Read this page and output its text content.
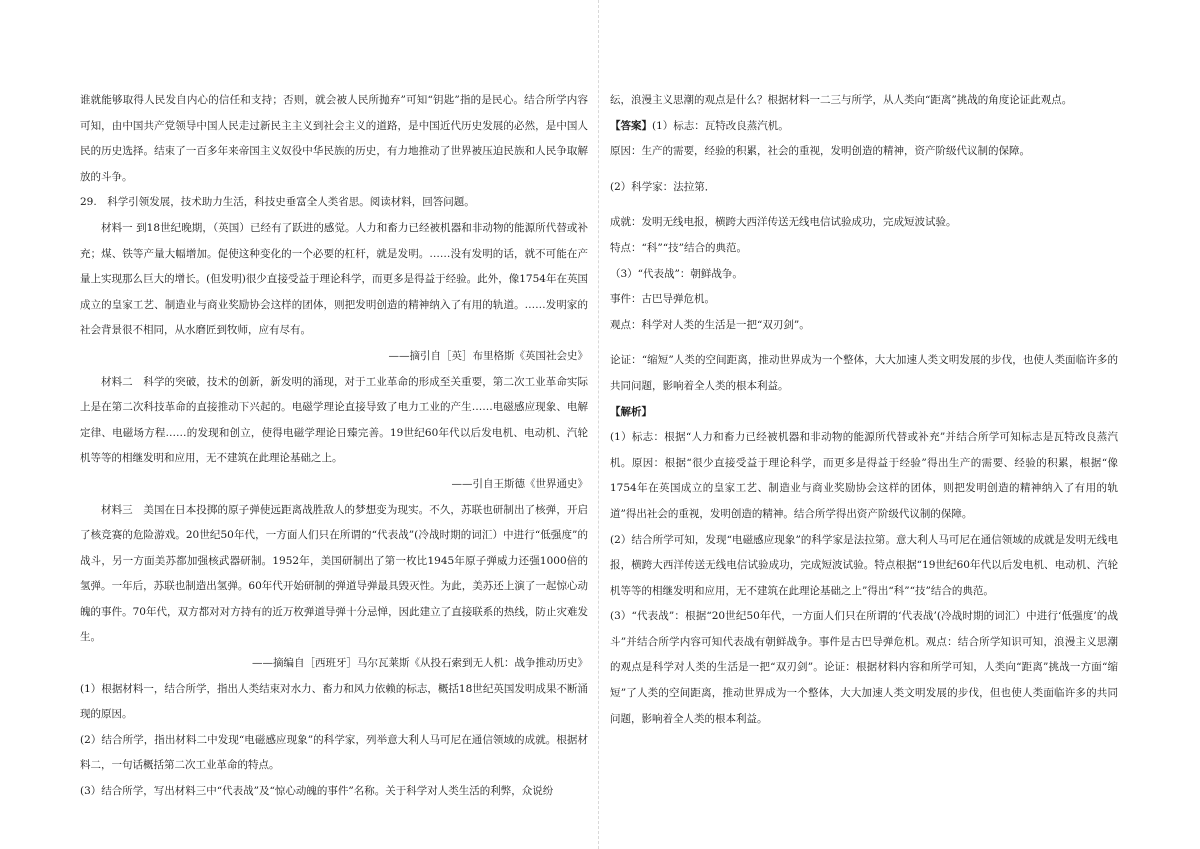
谁就能够取得人民发自内心的信任和支持；否则，就会被人民所抛弃”可知“钥匙”指的是民心。结合所学内容可知，由中国共产党领导中国人民走过新民主主义到社会主义的道路，是中国近代历史发展的必然，是中国人民的历史选择。结束了一百多年来帝国主义奴役中华民族的历史，有力地推动了世界被压迫民族和人民争取解放的斗争。

29.　科学引领发展，技术助力生活，科技史垂富全人类省思。阅读材料，回答问题。

材料一 到18世纪晚期，（英国）已经有了跃进的感觉。人力和畜力已经被机器和非动物的能源所代替或补充；煤、铁等产量大幅增加。促使这种变化的一个必要的杠杆，就是发明。……没有发明的话，就不可能在产量上实现那么巨大的增长。(但发明)很少直接受益于理论科学，而更多是得益于经验。此外，像1754年在英国成立的皇家工艺、制造业与商业奖励协会这样的团体，则把发明创造的精神纳入了有用的轨道。……发明家的社会背景很不相同，从水磨匠到牧师，应有尽有。

——摘引自［英］布里格斯《英国社会史》

材料二　科学的突破，技术的创新，新发明的涌现，对于工业革命的形成至关重要，第二次工业革命实际上是在第二次科技革命的直接推动下兴起的。电磁学理论直接导致了电力工业的产生……电磁感应现象、电解定律、电磁场方程……的发现和创立，使得电磁学理论日臻完善。19世纪60年代以后发电机、电动机、汽轮机等等的相继发明和应用，无不建筑在此理论基础之上。

——引自王斯德《世界通史》

材料三　美国在日本投掷的原子弹使远距离战胜敌人的梦想变为现实。不久，苏联也研制出了核弹，开启了核竞赛的危险游戏。20世纪50年代，一方面人们只在所谓的“代表战”(冷战时期的词汇）中进行“低强度”的战斗，另一方面美苏都加强核武器研制。1952年，美国研制出了第一枚比1945年原子弹威力还强1000倍的氢弹。一年后，苏联也制造出氢弹。60年代开始研制的弹道导弹最具毁灭性。为此，美苏还上演了一起惊心动魄的事件。70年代，双方都对对方持有的近万枚弹道导弹十分忌惮，因此建立了直接联系的热线，防止灾难发生。

——摘编自［西班牙］马尔瓦莱斯《从投石索到无人机：战争推动历史》

(1）根据材料一，结合所学，指出人类结束对水力、畜力和风力依赖的标志，概括18世纪英国发明成果不断涌现的原因。

(2）结合所学，指出材料二中发现“电磁感应现象”的科学家，列举意大利人马可尼在通信领域的成就。根据材料二，一句话概括第二次工业革命的特点。

(3）结合所学，写出材料三中“代表战”及“惊心动魄的事件”名称。关于科学对人类生活的利弊，众说纷

纭，浪漫主义思潮的观点是什么？根据材料一二三与所学，从人类向“距离”挑战的角度论证此观点。

【答案】(1）标志：瓦特改良蒸汽机。

原因：生产的需要，经验的积累，社会的重视，发明创造的精神，资产阶级代议制的保障。

(2）科学家：法拉第．

成就：发明无线电报，横跨大西洋传送无线电信试验成功，完成短波试验。

特点：“科”“技”结合的典范。

（3）“代表战”：朝鲜战争。

事件：古巴导弹危机。

观点：科学对人类的生活是一把“双刃剑”。

论证：“缩短”人类的空间距离，推动世界成为一个整体，大大加速人类文明发展的步伐，也使人类面临许多的共同问题，影响着全人类的根本利益。

【解析】

(1）标志：根据“人力和畜力已经被机器和非动物的能源所代替或补充”并结合所学可知标志是瓦特改良蒸汽机。原因：根据“很少直接受益于理论科学，而更多是得益于经验”得出生产的需要、经验的积累，根据“像1754年在英国成立的皇家工艺、制造业与商业奖励协会这样的团体，则把发明创造的精神纳入了有用的轨道”得出社会的重视，发明创造的精神。结合所学得出资产阶级代议制的保障。

(2）结合所学可知，发现“电磁感应现象”的科学家是法拉第。意大利人马可尼在通信领域的成就是发明无线电报，横跨大西洋传送无线电信试验成功，完成短波试验。特点根据“19世纪60年代以后发电机、电动机、汽轮机等等的相继发明和应用，无不建筑在此理论基础之上”得出“科”“技”结合的典范。

(3）“代表战”：根据“20世纪50年代，一方面人们只在所谓的‘代表战’(冷战时期的词汇）中进行‘低强度’的战斗”并结合所学内容可知代表战有朝鲜战争。事件是古巴导弹危机。观点：结合所学知识可知，浪漫主义思潮的观点是科学对人类的生活是一把“双刃剑”。论证：根据材料内容和所学可知，人类向“距离”挑战一方面“缩短”了人类的空间距离，推动世界成为一个整体，大大加速人类文明发展的步伐，但也使人类面临许多的共同问题，影响着全人类的根本利益。
